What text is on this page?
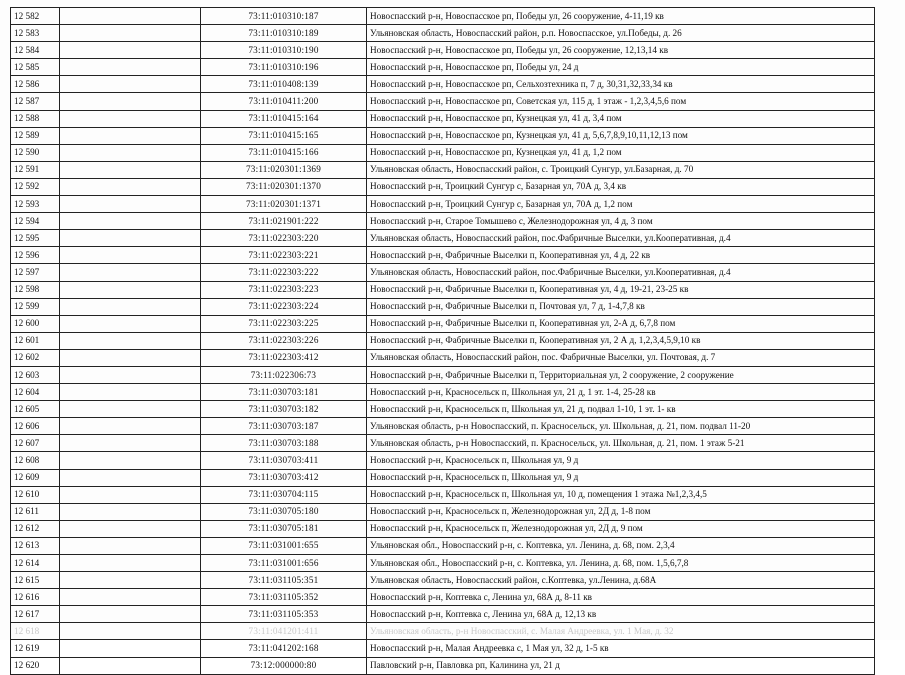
12 582		73:11:010310:187	Новоспасский р-н, Новоспасское рп, Победы ул, 26 сооружение, 4-11,19 кв
12 583		73:11:010310:189	Ульяновская область, Новоспасский район, р.п. Новоспасское, ул.Победы, д. 26
12 584		73:11:010310:190	Новоспасский р-н, Новоспасское рп, Победы ул, 26 сооружение, 12,13,14 кв
12 585		73:11:010310:196	Новоспасский р-н, Новоспасское рп, Победы ул, 24 д
12 586		73:11:010408:139	Новоспасский р-н, Новоспасское рп, Сельхозтехника п, 7 д, 30,31,32,33,34 кв
12 587		73:11:010411:200	Новоспасский р-н, Новоспасское рп, Советская ул, 115 д, 1 этаж - 1,2,3,4,5,6 пом
12 588		73:11:010415:164	Новоспасский р-н, Новоспасское рп, Кузнецкая ул, 41 д, 3,4 пом
12 589		73:11:010415:165	Новоспасский р-н, Новоспасское рп, Кузнецкая ул, 41 д, 5,6,7,8,9,10,11,12,13 пом
12 590		73:11:010415:166	Новоспасский р-н, Новоспасское рп, Кузнецкая ул, 41 д, 1,2 пом
12 591		73:11:020301:1369	Ульяновская область, Новоспасский район, с. Троицкий Сунгур, ул.Базарная, д. 70
12 592		73:11:020301:1370	Новоспасский р-н, Троицкий Сунгур с, Базарная ул, 70А д, 3,4 кв
12 593		73:11:020301:1371	Новоспасский р-н, Троицкий Сунгур с, Базарная ул, 70А д, 1,2 пом
12 594		73:11:021901:222	Новоспасский р-н, Старое Томышево с, Железнодорожная ул, 4 д, 3 пом
12 595		73:11:022303:220	Ульяновская область, Новоспасский район, пос.Фабричные Выселки, ул.Кооперативная, д.4
12 596		73:11:022303:221	Новоспасский р-н, Фабричные Выселки п, Кооперативная ул, 4 д, 22 кв
12 597		73:11:022303:222	Ульяновская область, Новоспасский район, пос.Фабричные Выселки, ул.Кооперативная, д.4
12 598		73:11:022303:223	Новоспасский р-н, Фабричные Выселки п, Кооперативная ул, 4 д, 19-21, 23-25 кв
12 599		73:11:022303:224	Новоспасский р-н, Фабричные Выселки п, Почтовая ул, 7 д, 1-4,7,8 кв
12 600		73:11:022303:225	Новоспасский р-н, Фабричные Выселки п, Кооперативная ул, 2-А д, 6,7,8 пом
12 601		73:11:022303:226	Новоспасский р-н, Фабричные Выселки п, Кооперативная ул, 2 А д, 1,2,3,4,5,9,10 кв
12 602		73:11:022303:412	Ульяновская область, Новоспасский район, пос. Фабричные Выселки, ул. Почтовая, д. 7
12 603		73:11:022306:73	Новоспасский р-н, Фабричные Выселки п, Территориальная ул, 2 сооружение, 2 сооружение
12 604		73:11:030703:181	Новоспасский р-н, Красносельск п, Школьная ул, 21 д, 1 эт. 1-4, 25-28 кв
12 605		73:11:030703:182	Новоспасский р-н, Красносельск п, Школьная ул, 21 д, подвал 1-10, 1 эт. 1- кв
12 606		73:11:030703:187	Ульяновская область, р-н Новоспасский, п. Красносельск, ул. Школьная, д. 21, пом. подвал 11-20
12 607		73:11:030703:188	Ульяновская область, р-н Новоспасский, п. Красносельск, ул. Школьная, д. 21, пом. 1 этаж 5-21
12 608		73:11:030703:411	Новоспасский р-н, Красносельск п, Школьная ул, 9 д
12 609		73:11:030703:412	Новоспасский р-н, Красносельск п, Школьная ул, 9 д
12 610		73:11:030704:115	Новоспасский р-н, Красносельск п, Школьная ул, 10 д, помещения 1 этажа №1,2,3,4,5
12 611		73:11:030705:180	Новоспасский р-н, Красносельск п, Железнодорожная ул, 2Д д, 1-8 пом
12 612		73:11:030705:181	Новоспасский р-н, Красносельск п, Железнодорожная ул, 2Д д, 9 пом
12 613		73:11:031001:655	Ульяновская обл., Новоспасский р-н, с. Коптевка, ул. Ленина, д. 68, пом. 2,3,4
12 614		73:11:031001:656	Ульяновская обл., Новоспасский р-н, с. Коптевка, ул. Ленина, д. 68, пом. 1,5,6,7,8
12 615		73:11:031105:351	Ульяновская область, Новоспасский район, с.Коптевка, ул.Ленина, д.68А
12 616		73:11:031105:352	Новоспасский р-н, Коптевка с, Ленина ул, 68А д, 8-11 кв
12 617		73:11:031105:353	Новоспасский р-н, Коптевка с, Ленина ул, 68А д, 12,13 кв
12 618		73:11:041201:411	Ульяновская область, р-н Новоспасский, с. Малая Андреевка, ул. 1 Мая, д. 32
12 619		73:11:041202:168	Новоспасский р-н, Малая Андреевка с, 1 Мая ул, 32 д, 1-5 кв
12 620		73:12:000000:80	Павловский р-н, Павловка рп, Калинина ул, 21 д
